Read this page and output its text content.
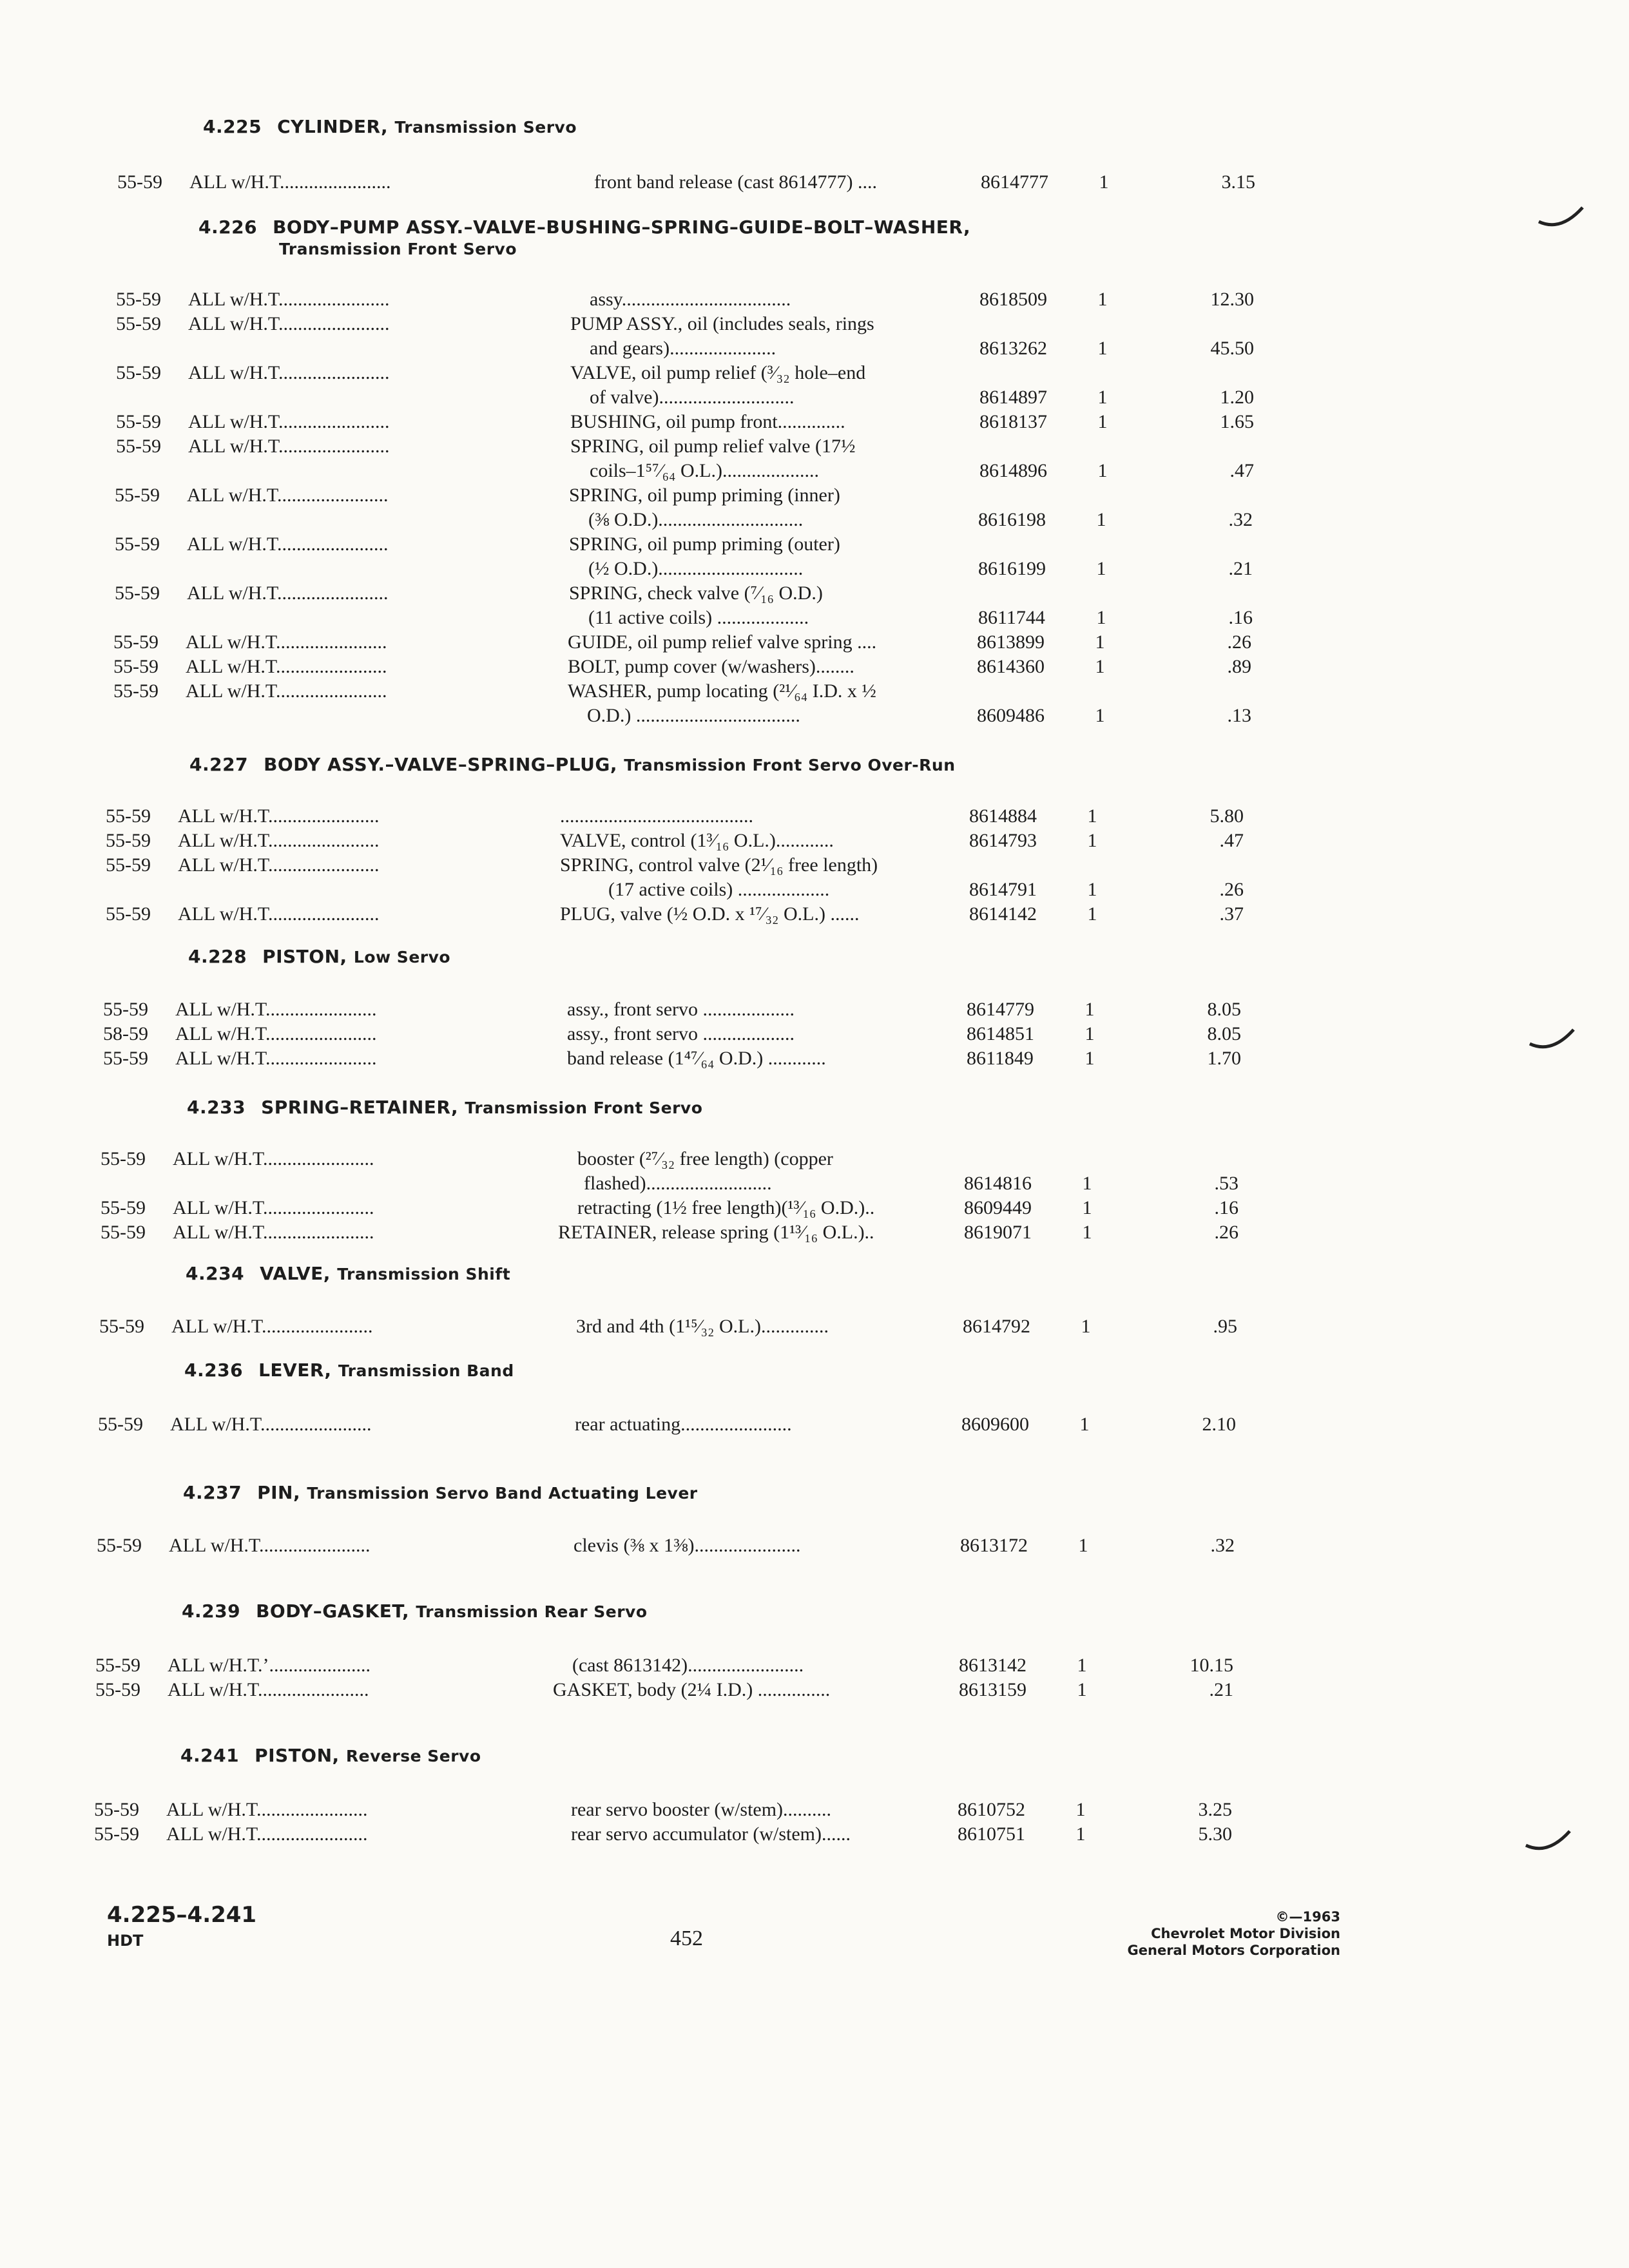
4.225 CYLINDER, Transmission Servo
4.226 BODY–PUMP ASSY.–VALVE–BUSHING–SPRING–GUIDE–BOLT–WASHER,
Transmission Front Servo
4.227 BODY ASSY.–VALVE–SPRING–PLUG, Transmission Front Servo Over-Run
4.228 PISTON, Low Servo
4.233 SPRING–RETAINER, Transmission Front Servo
4.234 VALVE, Transmission Shift
4.236 LEVER, Transmission Band
4.237 PIN, Transmission Servo Band Actuating Lever
4.239 BODY–GASKET, Transmission Rear Servo
4.241 PISTON, Reverse Servo
55-59 ALL w/H.T.......................	front band release (cast 8614777) ....	8614777	1	3.15
55-59 ALL w/H.T.......................	assy...................................	8618509	1	12.30
55-59 ALL w/H.T.......................	PUMP ASSY., oil (includes seals, rings
and gears)......................	8613262	1	45.50
55-59 ALL w/H.T.......................	VALVE, oil pump relief (³⁄₃₂ hole–end
of valve)............................	8614897	1	1.20
55-59 ALL w/H.T.......................	BUSHING, oil pump front..............	8618137	1	1.65
55-59 ALL w/H.T.......................	SPRING, oil pump relief valve (17½
coils–1⁵⁷⁄₆₄ O.L.)....................	8614896	1	.47
55-59 ALL w/H.T.......................	SPRING, oil pump priming (inner)
(⅜ O.D.)..............................	8616198	1	.32
55-59 ALL w/H.T.......................	SPRING, oil pump priming (outer)
(½ O.D.)..............................	8616199	1	.21
55-59 ALL w/H.T.......................	SPRING, check valve (⁷⁄₁₆ O.D.)
(11 active coils) ...................	8611744	1	.16
55-59 ALL w/H.T.......................	GUIDE, oil pump relief valve spring ....	8613899	1	.26
55-59 ALL w/H.T.......................	BOLT, pump cover (w/washers)........	8614360	1	.89
55-59 ALL w/H.T.......................	WASHER, pump locating (²¹⁄₆₄ I.D. x ½
O.D.) ..................................	8609486	1	.13
55-59 ALL w/H.T.......................	........................................	8614884	1	5.80
55-59 ALL w/H.T.......................	VALVE, control (1³⁄₁₆ O.L.)............	8614793	1	.47
55-59 ALL w/H.T.......................	SPRING, control valve (2¹⁄₁₆ free length)
(17 active coils) ...................	8614791	1	.26
55-59 ALL w/H.T.......................	PLUG, valve (½ O.D. x ¹⁷⁄₃₂ O.L.) ......	8614142	1	.37
55-59 ALL w/H.T.......................	assy., front servo ...................	8614779	1	8.05
58-59 ALL w/H.T.......................	assy., front servo ...................	8614851	1	8.05
55-59 ALL w/H.T.......................	band release (1⁴⁷⁄₆₄ O.D.) ............	8611849	1	1.70
55-59 ALL w/H.T.......................	booster (²⁷⁄₃₂ free length) (copper
flashed)..........................	8614816	1	.53
55-59 ALL w/H.T.......................	retracting (1½ free length)(¹³⁄₁₆ O.D.)..	8609449	1	.16
55-59 ALL w/H.T.......................	RETAINER, release spring (1¹³⁄₁₆ O.L.)..	8619071	1	.26
55-59 ALL w/H.T.......................	3rd and 4th (1¹⁵⁄₃₂ O.L.)..............	8614792	1	.95
55-59 ALL w/H.T.......................	rear actuating.......................	8609600	1	2.10
55-59 ALL w/H.T.......................	clevis (⅜ x 1⅜)......................	8613172	1	.32
55-59 ALL w/H.T.’.....................	(cast 8613142)........................	8613142	1	10.15
55-59 ALL w/H.T.......................	GASKET, body (2¼ I.D.) ...............	8613159	1	.21
55-59 ALL w/H.T.......................	rear servo booster (w/stem)..........	8610752	1	3.25
55-59 ALL w/H.T.......................	rear servo accumulator (w/stem)......	8610751	1	5.30
4.225–4.241
HDT	452
©—1963
Chevrolet Motor Division
General Motors Corporation
